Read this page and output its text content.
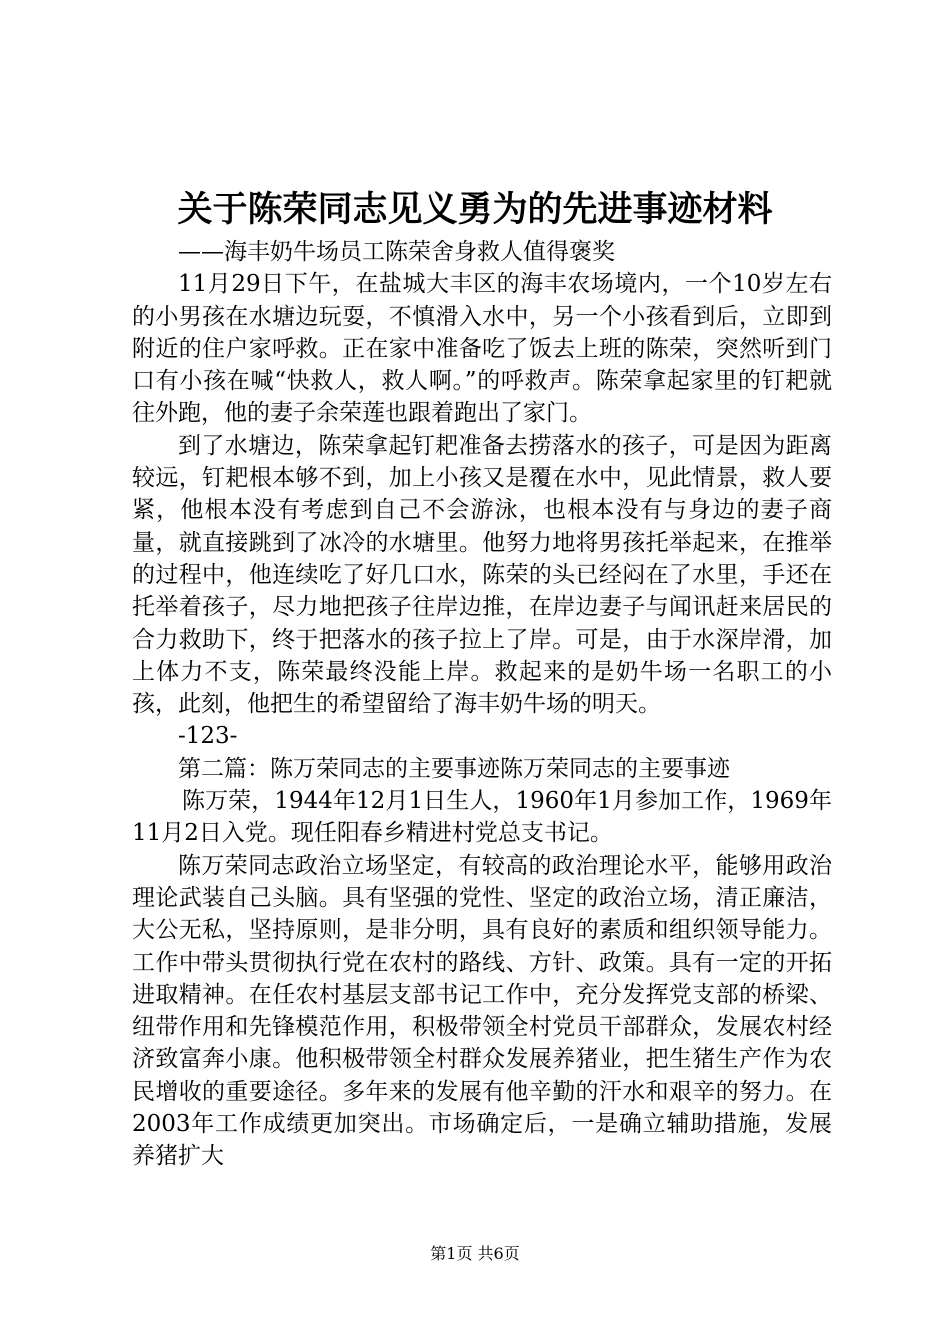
关于陈荣同志见义勇为的先进事迹材料

——海丰奶牛场员工陈荣舍身救人值得褒奖

11月29日下午，在盐城大丰区的海丰农场境内，一个10岁左右的小男孩在水塘边玩耍，不慎滑入水中，另一个小孩看到后，立即到附近的住户家呼救。正在家中准备吃了饭去上班的陈荣，突然听到门口有小孩在喊“快救人，救人啊。”的呼救声。陈荣拿起家里的钉耙就往外跑，他的妻子余荣莲也跟着跑出了家门。

到了水塘边，陈荣拿起钉耙准备去捞落水的孩子，可是因为距离较远，钉耙根本够不到，加上小孩又是覆在水中，见此情景，救人要紧，他根本没有考虑到自己不会游泳，也根本没有与身边的妻子商量，就直接跳到了冰冷的水塘里。他努力地将男孩托举起来，在推举的过程中，他连续吃了好几口水，陈荣的头已经闷在了水里，手还在托举着孩子，尽力地把孩子往岸边推，在岸边妻子与闻讯赶来居民的合力救助下，终于把落水的孩子拉上了岸。可是，由于水深岸滑，加上体力不支，陈荣最终没能上岸。救起来的是奶牛场一名职工的小孩，此刻，他把生的希望留给了海丰奶牛场的明天。

-123-

第二篇：陈万荣同志的主要事迹陈万荣同志的主要事迹

陈万荣，1944年12月1日生人，1960年1月参加工作，1969年11月2日入党。现任阳春乡精进村党总支书记。

陈万荣同志政治立场坚定，有较高的政治理论水平，能够用政治理论武装自己头脑。具有坚强的党性、坚定的政治立场，清正廉洁，大公无私，坚持原则，是非分明，具有良好的素质和组织领导能力。工作中带头贯彻执行党在农村的路线、方针、政策。具有一定的开拓进取精神。在任农村基层支部书记工作中，充分发挥党支部的桥梁、纽带作用和先锋模范作用，积极带领全村党员干部群众，发展农村经济致富奔小康。他积极带领全村群众发展养猪业，把生猪生产作为农民增收的重要途径。多年来的发展有他辛勤的汗水和艰辛的努力。在2003年工作成绩更加突出。市场确定后，一是确立辅助措施，发展养猪扩大

第1页 共6页
